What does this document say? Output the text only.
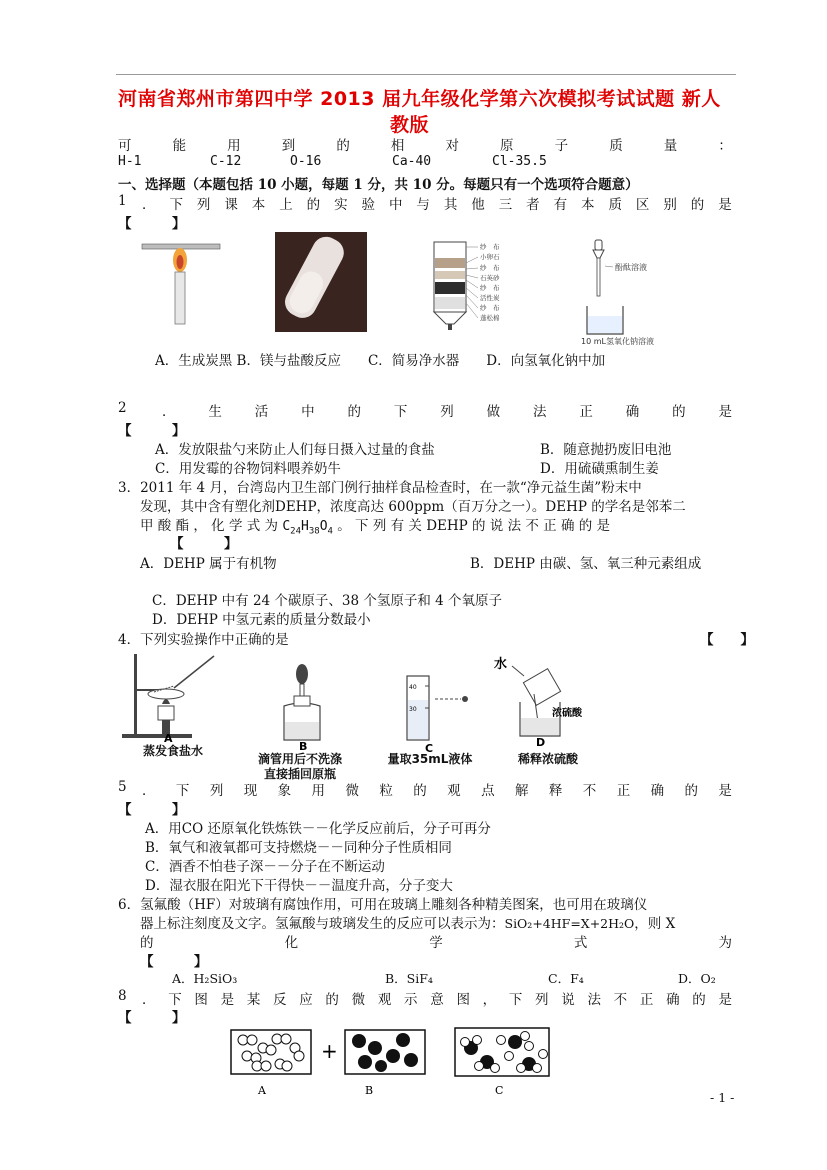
河南省郑州市第四中学 2013 届九年级化学第六次模拟考试试题 新人
教版
可	能	用	到	的	相	对	原	子	质	量	：
H-1	C-12	O-16	Ca-40	Cl-35.5
一、选择题（本题包括 10 小题，每题 1 分，共 10 分。每题只有一个选项符合题意）
1 ． 下 列 课 本 上 的 实 验 中 与 其 他 三 者 有 本 质 区 别 的 是
【　　　】
纱　布
小卵石
纱　布
石英砂
纱　布
活性炭
纱　布
蓬松棉
酚酞溶液
10 mL氢氧化钠溶液
A．生成炭黑 B．镁与盐酸反应　　C．简易净水器　　D．向氢氧化钠中加
2	． 生 活 中 的 下 列 做 法 正 确 的 是
【　　　】
A．发放限盐勺来防止人们每日摄入过量的食盐	B．随意抛扔废旧电池
C．用发霉的谷物饲料喂养奶牛	D．用硫磺熏制生姜
3．2011 年 4 月，台湾岛内卫生部门例行抽样食品检查时，在一款“净元益生菌”粉末中
发现，其中含有塑化剂DEHP，浓度高达 600ppm（百万分之一）。DEHP 的学名是邻苯二
甲 酸 酯 ， 化 学 式 为 $C_{24}H_{38}O_4$ 。 下 列 有 关 DEHP 的 说 法 不 正 确 的 是
【　　　】
A．DEHP 属于有机物	B．DEHP 由碳、氢、氧三种元素组成
C．DEHP 中有 24 个碳原子、38 个氢原子和 4 个氧原子
D．DEHP 中氢元素的质量分数最小
4．下列实验操作中正确的是	【　　】
A
蒸发食盐水	B
滴管用后不洗涤
直接插回原瓶
40
30
C
量取35mL液体
水
浓硫酸
D
稀释浓硫酸
5 ． 下 列 现 象 用 微 粒 的 观 点 解 释 不 正 确 的 是
【　　　】
A．用CO 还原氧化铁炼铁－－化学反应前后，分子可再分
B．氧气和液氧都可支持燃烧－－同种分子性质相同
C．酒香不怕巷子深－－分子在不断运动
D．湿衣服在阳光下干得快－－温度升高，分子变大
6．氢氟酸（HF）对玻璃有腐蚀作用，可用在玻璃上雕刻各种精美图案，也可用在玻璃仪
器上标注刻度及文字。氢氟酸与玻璃发生的反应可以表示为：SiO₂+4HF=X+2H₂O，则 X
的	化	学	式	为
【　　　】
A．H₂SiO₃	B．SiF₄	C．F₄	D．O₂
8 ． 下 图 是 某 反 应 的 微 观 示 意 图 ， 下 列 说 法 不 正 确 的 是
【　　　】
+
A	B	C	- 1 -
